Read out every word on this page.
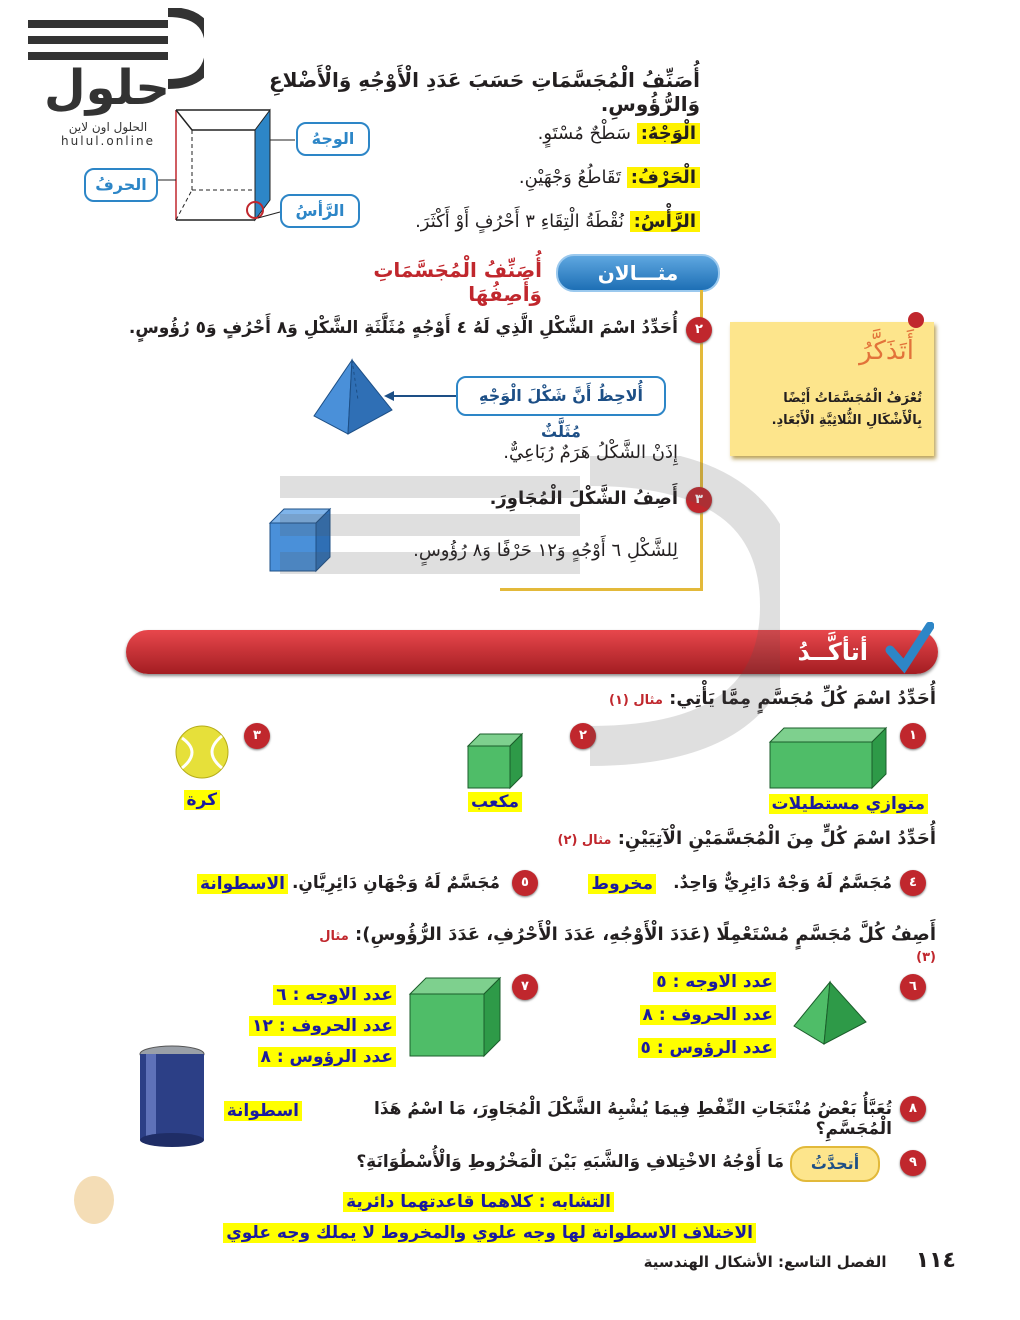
حلول
الحلول اون لاين
hulul.online
أُصَنِّفُ الْمُجَسَّمَاتِ حَسَبَ عَدَدِ الْأَوْجُهِ وَالْأَضْلاعِ وَالرُّؤُوسِ.
الْوَجْهُ: سَطْحٌ مُسْتَوٍ.
الْحَرْفُ: تَقَاطُعُ وَجْهَيْنِ.
الرَّأْسُ: نُقْطَةُ الْتِقَاءِ ٣ أَحْرُفٍ أَوْ أَكْثَرَ.
الوجهُ
الحرفُ
الرَّأسُ
مثـــالان
أُصَنِّفُ الْمُجَسَّمَاتِ وَأَصِفُهَا
٢
أُحَدِّدُ اسْمَ الشَّكْلِ الَّذِي لَهُ ٤ أَوْجُهٍ مُثَلَّثَةِ الشَّكْلِ وَ٨ أَحْرُفٍ وَ٥ رُؤُوسٍ.
أُلاحِظُ أَنَّ شَكْلَ الْوَجْهِ مُثَلَّثٌ
إِذَنْ الشَّكْلُ هَرَمٌ رُبَاعِيٌّ.
٣
أَصِفُ الشَّكْلَ الْمُجَاوِرَ.
لِلشَّكْلِ ٦ أَوْجُهٍ وَ١٢ حَرْفًا وَ٨ رُؤُوسٍ.
أَتَذَكَّرُ
تُعْرَفُ الْمُجَسَّمَاتُ أَيْضًا بِالْأَشْكَالِ الثُّلاثِيَّةِ الْأَبْعَادِ.
أتأكَّــدُ
أُحَدِّدُ اسْمَ كُلِّ مُجَسَّمٍ مِمَّا يَأْتِي: مثال (١)
١
متوازي مستطيلات
٢
مكعب
٣
كرة
أُحَدِّدُ اسْمَ كُلٍّ مِنَ الْمُجَسَّمَيْنِ الْآتِيَيْنِ: مثال (٢)
٤
مُجَسَّمٌ لَهُ وَجْهٌ دَائِرِيٌّ وَاحِدٌ.
مخروط
٥
مُجَسَّمٌ لَهُ وَجْهَانِ دَائِرِيَّانِ.
الاسطوانة
أَصِفُ كُلَّ مُجَسَّمٍ مُسْتَعْمِلًا (عَدَدَ الْأَوْجُهِ، عَدَدَ الْأَحْرُفِ، عَدَدَ الرُّؤُوسِ): مثال (٣)
٦
عدد الاوجه : ٥
عدد الحروف : ٨
عدد الرؤوس : ٥
٧
عدد الاوجه : ٦
عدد الحروف : ١٢
عدد الرؤوس : ٨
٨
تُعَبَّأُ بَعْضُ مُنْتَجَاتِ النِّفْطِ فِيمَا يُشْبِهُ الشَّكْلَ الْمُجَاوِرَ، مَا اسْمُ هَذَا الْمُجَسَّمِ؟
اسطوانة
٩
أتحدَّثُ
مَا أَوْجُهُ الاخْتِلافِ وَالشَّبَهِ بَيْنَ الْمَخْرُوطِ وَالْأُسْطُوَانَةِ؟
التشابه : كلاهما قاعدتهما دائرية
الاختلاف الاسطوانة لها وجه علوي والمخروط لا يملك وجه علوي
١١٤ الفصل التاسع: الأشكال الهندسية
